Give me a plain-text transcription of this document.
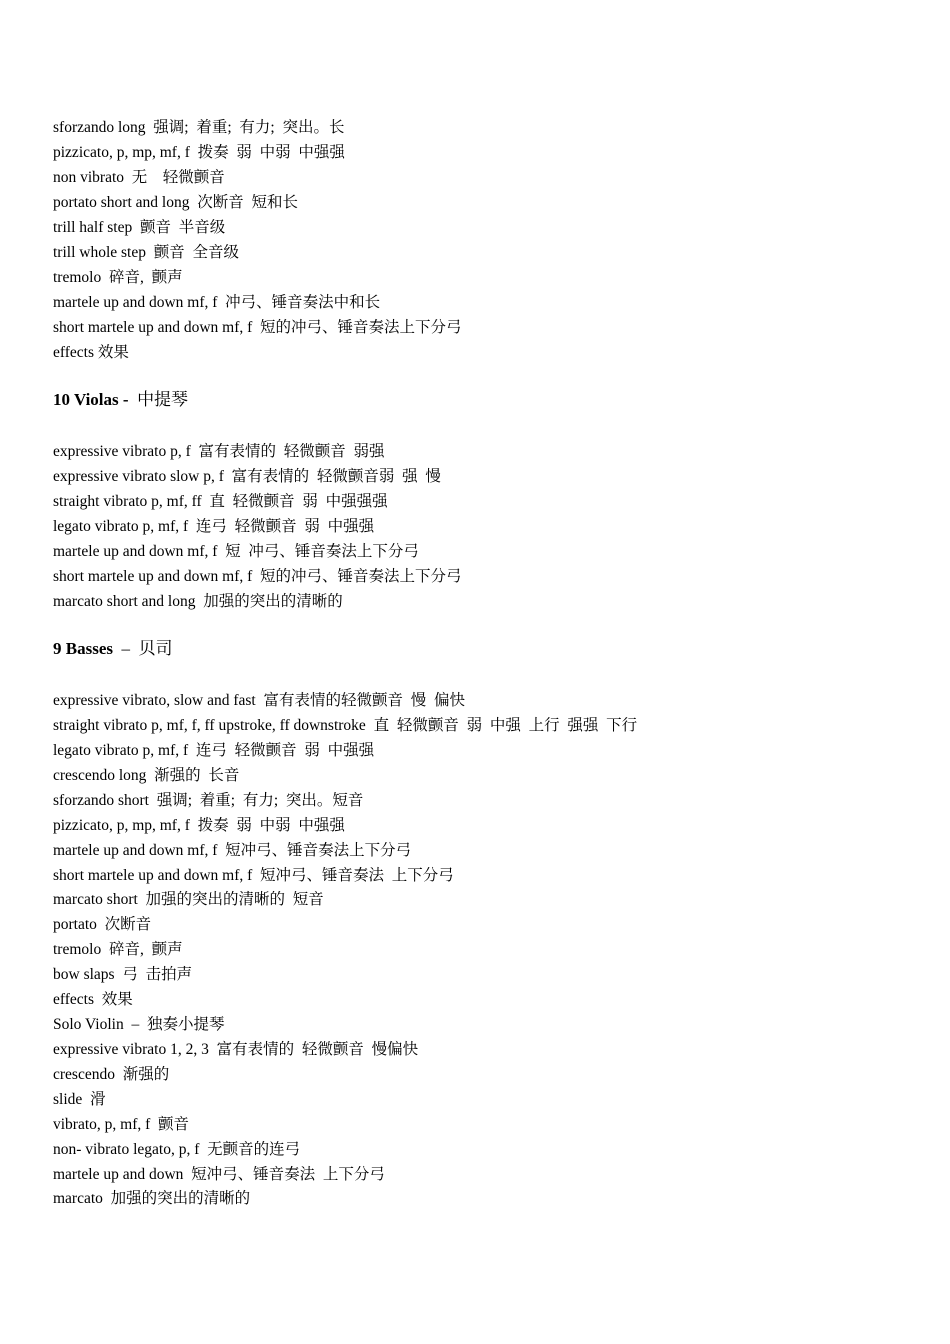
sforzando long  强调;  着重;  有力;  突出。长
pizzicato, p, mp, mf, f  拨奏  弱  中弱  中强强
non vibrato  无    轻微颤音
portato short and long  次断音  短和长
trill half step  颤音  半音级
trill whole step  颤音  全音级
tremolo  碎音,  颤声
martele up and down mf, f  冲弓、锤音奏法中和长
short martele up and down mf, f  短的冲弓、锤音奏法上下分弓
effects 效果
10 Violas -  中提琴
expressive vibrato p, f  富有表情的  轻微颤音  弱强
expressive vibrato slow p, f  富有表情的  轻微颤音弱  强  慢
straight vibrato p, mf, ff  直  轻微颤音  弱  中强强强
legato vibrato p, mf, f  连弓  轻微颤音  弱  中强强
martele up and down mf, f  短  冲弓、锤音奏法上下分弓
short martele up and down mf, f  短的冲弓、锤音奏法上下分弓
marcato short and long  加强的突出的清晰的
9 Basses  –  贝司
expressive vibrato, slow and fast  富有表情的轻微颤音  慢  偏快
straight vibrato p, mf, f, ff upstroke, ff downstroke  直  轻微颤音  弱  中强  上行  强强  下行
legato vibrato p, mf, f  连弓  轻微颤音  弱  中强强
crescendo long  渐强的  长音
sforzando short  强调;  着重;  有力;  突出。短音
pizzicato, p, mp, mf, f  拨奏  弱  中弱  中强强
martele up and down mf, f  短冲弓、锤音奏法上下分弓
short martele up and down mf, f  短冲弓、锤音奏法  上下分弓
marcato short  加强的突出的清晰的  短音
portato  次断音
tremolo  碎音,  颤声
bow slaps  弓  击拍声
effects  效果
Solo Violin  –  独奏小提琴
expressive vibrato 1, 2, 3  富有表情的  轻微颤音  慢偏快
crescendo  渐强的
slide  滑
vibrato, p, mf, f  颤音
non- vibrato legato, p, f  无颤音的连弓
martele up and down  短冲弓、锤音奏法  上下分弓
marcato  加强的突出的清晰的
